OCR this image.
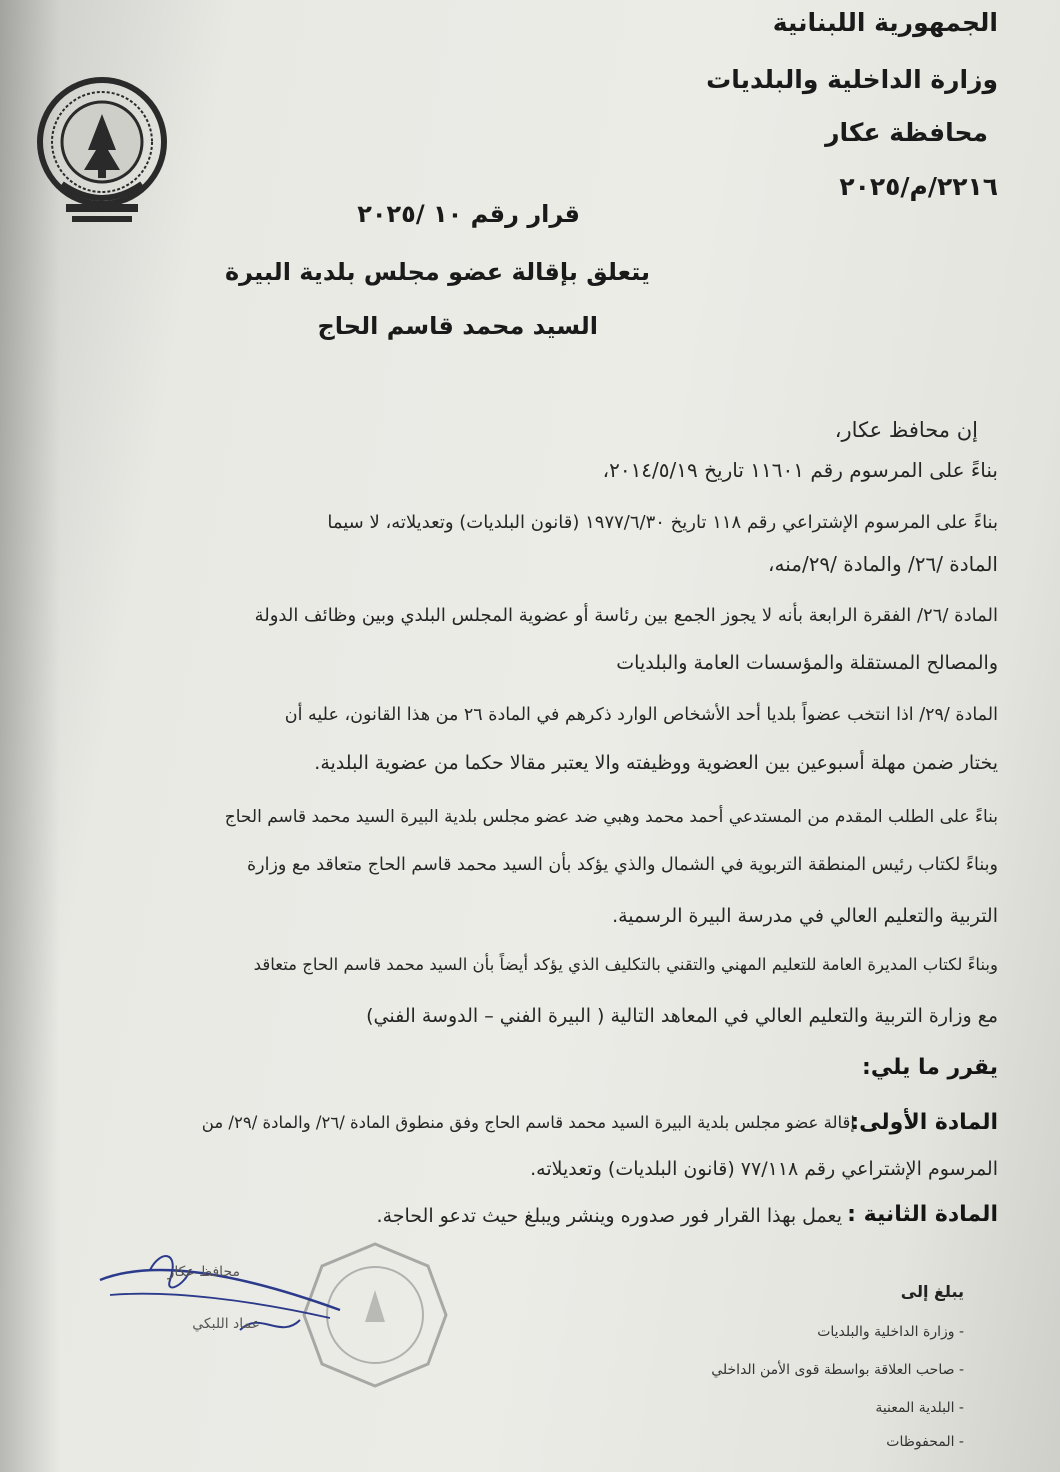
الجمهورية اللبنانية
وزارة الداخلية والبلديات
محافظة عكار
٢٢١٦/م/٢٠٢٥
قرار رقم ١٠ /٢٠٢٥
يتعلق بإقالة عضو مجلس بلدية البيرة
السيد محمد قاسم الحاج
إن محافظ عكار،
بناءً على المرسوم رقم ١١٦٠١ تاريخ ٢٠١٤/٥/١٩،
بناءً على المرسوم الإشتراعي رقم ١١٨ تاريخ ١٩٧٧/٦/٣٠ (قانون البلديات) وتعديلاته، لا سيما
المادة /٢٦/ والمادة /٢٩/منه،
المادة /٢٦/ الفقرة الرابعة بأنه لا يجوز الجمع بين رئاسة أو عضوية المجلس البلدي وبين وظائف الدولة
والمصالح المستقلة والمؤسسات العامة والبلديات
المادة /٢٩/ اذا انتخب عضواً بلديا أحد الأشخاص الوارد ذكرهم في المادة ٢٦ من هذا القانون، عليه أن
يختار ضمن مهلة أسبوعين بين العضوية ووظيفته والا يعتبر مقالا حكما من عضوية البلدية.
بناءً على الطلب المقدم من المستدعي أحمد محمد وهبي ضد عضو مجلس بلدية البيرة السيد محمد قاسم الحاج
وبناءً لكتاب رئيس المنطقة التربوية في الشمال والذي يؤكد بأن السيد محمد قاسم الحاج متعاقد مع وزارة
التربية والتعليم العالي في مدرسة البيرة الرسمية.
وبناءً لكتاب المديرة العامة للتعليم المهني والتقني بالتكليف الذي يؤكد أيضاً بأن السيد محمد قاسم الحاج متعاقد
مع وزارة التربية والتعليم العالي في المعاهد التالية ( البيرة الفني – الدوسة الفني)
يقرر ما يلي:
المادة الأولى:
إقالة عضو مجلس بلدية البيرة السيد محمد قاسم الحاج وفق منطوق المادة /٢٦/ والمادة /٢٩/ من
المرسوم الإشتراعي رقم ٧٧/١١٨ (قانون البلديات) وتعديلاته.
المادة الثانية :
يعمل بهذا القرار فور صدوره وينشر ويبلغ حيث تدعو الحاجة.
محافظ عكار
عماد اللبكي
يبلغ إلى
- وزارة الداخلية والبلديات
- صاحب العلاقة بواسطة قوى الأمن الداخلي
- البلدية المعنية
- المحفوظات
